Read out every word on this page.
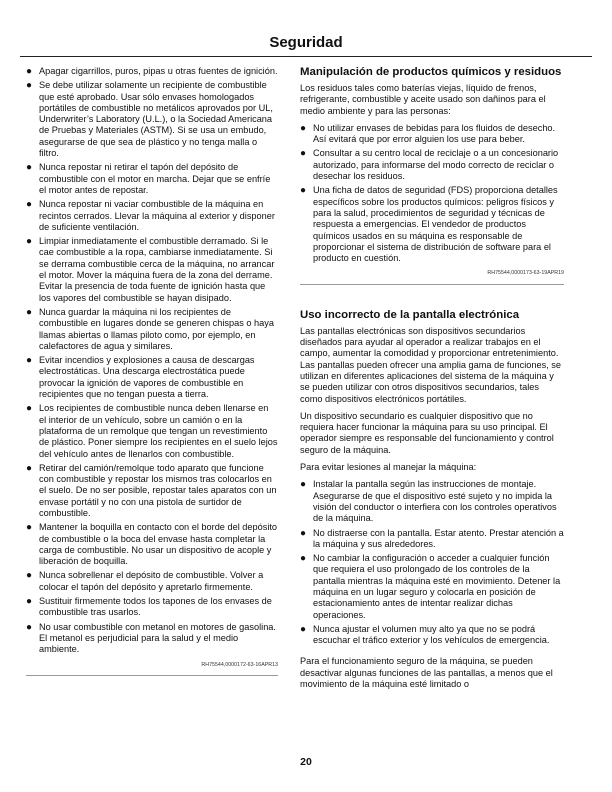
Seguridad
● Apagar cigarrillos, puros, pipas u otras fuentes de ignición.
● Se debe utilizar solamente un recipiente de combustible que esté aprobado. Usar sólo envases homologados portátiles de combustible no metálicos aprovados por UL, Underwriter’s Laboratory (U.L.), o la Sociedad Americana de Pruebas y Materiales (ASTM). Si se usa un embudo, asegurarse de que sea de plástico y no tenga malla o filtro.
● Nunca repostar ni retirar el tapón del depósito de combustible con el motor en marcha. Dejar que se enfríe el motor antes de repostar.
● Nunca repostar ni vaciar combustible de la máquina en recintos cerrados. Llevar la máquina al exterior y disponer de suficiente ventilación.
● Limpiar inmediatamente el combustible derramado. Si le cae combustible a la ropa, cambiarse inmediatamente. Si se derrama combustible cerca de la máquina, no arrancar el motor. Mover la máquina fuera de la zona del derrame. Evitar la presencia de toda fuente de ignición hasta que los vapores del combustible se hayan disipado.
● Nunca guardar la máquina ni los recipientes de combustible en lugares donde se generen chispas o haya llamas abiertas o llamas piloto como, por ejemplo, en calefactores de agua y similares.
● Evitar incendios y explosiones a causa de descargas electrostáticas. Una descarga electrostática puede provocar la ignición de vapores de combustible en recipientes que no tengan puesta a tierra.
● Los recipientes de combustible nunca deben llenarse en el interior de un vehículo, sobre un camión o en la plataforma de un remolque que tengan un revestimiento de plástico. Poner siempre los recipientes en el suelo lejos del vehículo antes de llenarlos con combustible.
● Retirar del camión/remolque todo aparato que funcione con combustible y repostar los mismos tras colocarlos en el suelo. De no ser posible, repostar tales aparatos con un envase portátil y no con una pistola de surtidor de combustible.
● Mantener la boquilla en contacto con el borde del depósito de combustible o la boca del envase hasta completar la carga de combustible. No usar un dispositivo de acople y liberación de boquilla.
● Nunca sobrellenar el depósito de combustible. Volver a colocar el tapón del depósito y apretarlo firmemente.
● Sustituir firmemente todos los tapones de los envases de combustible tras usarlos.
● No usar combustible con metanol en motores de gasolina. El metanol es perjudicial para la salud y el medio ambiente.
RH75544,0000172-63-16APR13
Manipulación de productos químicos y residuos

Los residuos tales como baterías viejas, líquido de frenos, refrigerante, combustible y aceite usado son dañinos para el medio ambiente y para las personas:

● No utilizar envases de bebidas para los fluidos de desecho. Así evitará que por error alguien los use para beber.
● Consultar a su centro local de reciclaje o a un concesionario autorizado, para informarse del modo correcto de reciclar o desechar los residuos.
● Una ficha de datos de seguridad (FDS) proporciona detalles específicos sobre los productos químicos: peligros físicos y para la salud, procedimientos de seguridad y técnicas de respuesta a emergencias. El vendedor de productos químicos usados en su máquina es responsable de proporcionar el sistema de distribución de software para el producto en cuestión.
RH75544,0000173-63-19APR19
Uso incorrecto de la pantalla electrónica

Las pantallas electrónicas son dispositivos secundarios diseñados para ayudar al operador a realizar trabajos en el campo, aumentar la comodidad y proporcionar entretenimiento. Las pantallas pueden ofrecer una amplia gama de funciones, se utilizan en diferentes aplicaciones del sistema de la máquina y se pueden utilizar con otros dispositivos secundarios, tales como dispositivos electrónicos portátiles.

Un dispositivo secundario es cualquier dispositivo que no requiera hacer funcionar la máquina para su uso principal. El operador siempre es responsable del funcionamiento y control seguro de la máquina.

Para evitar lesiones al manejar la máquina:

● Instalar la pantalla según las instrucciones de montaje. Asegurarse de que el dispositivo esté sujeto y no impida la visión del conductor o interfiera con los controles operativos de la máquina.
● No distraerse con la pantalla. Estar atento. Prestar atención a la máquina y sus alrededores.
● No cambiar la configuración o acceder a cualquier función que requiera el uso prolongado de los controles de la pantalla mientras la máquina esté en movimiento. Detener la máquina en un lugar seguro y colocarla en posición de estacionamiento antes de intentar realizar dichas operaciones.
● Nunca ajustar el volumen muy alto ya que no se podrá escuchar el tráfico exterior y los vehículos de emergencia.

Para el funcionamiento seguro de la máquina, se pueden desactivar algunas funciones de las pantallas, a menos que el movimiento de la máquina esté limitado o

20
